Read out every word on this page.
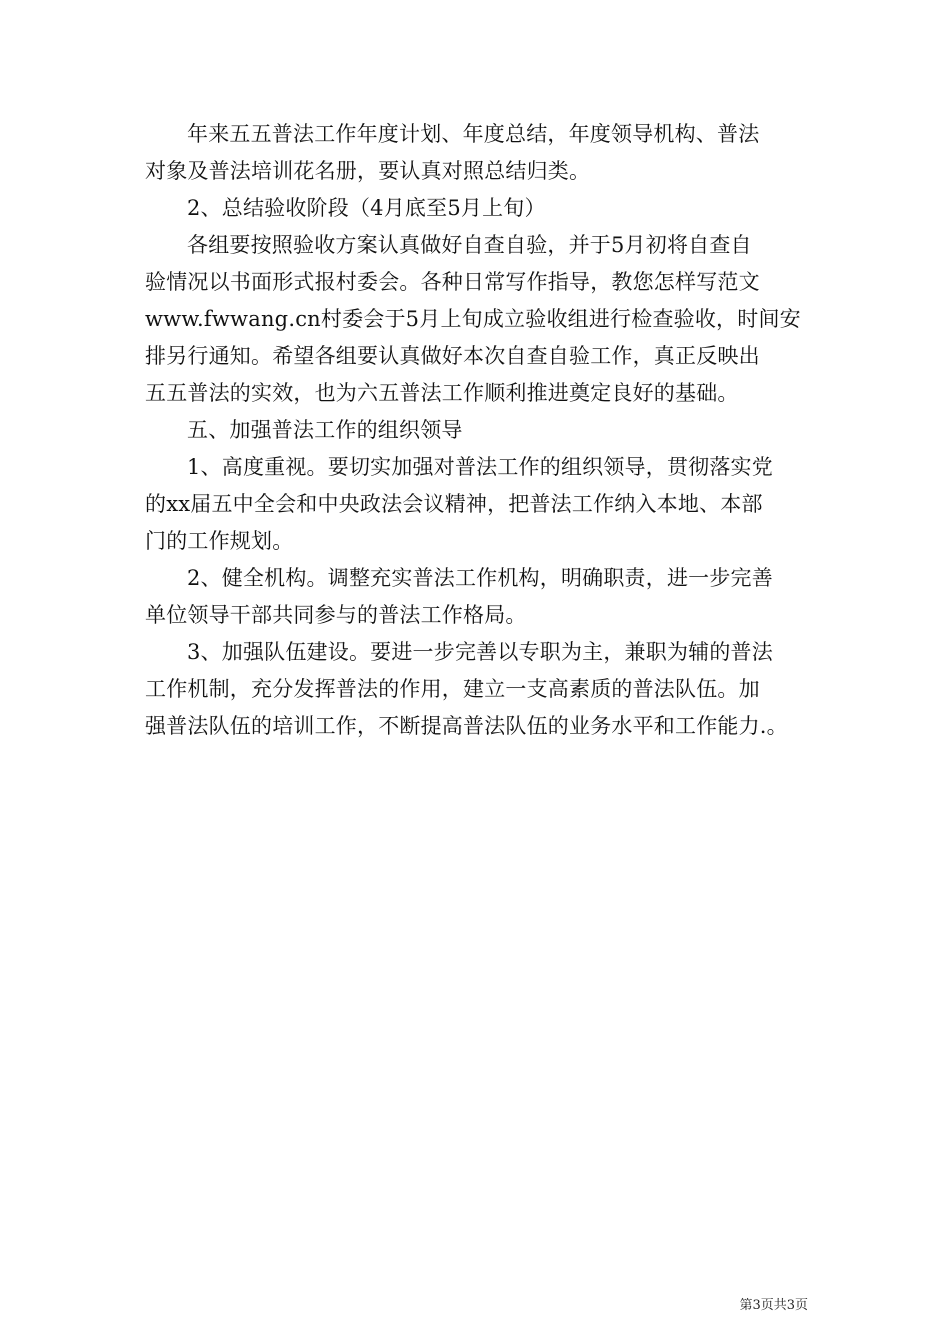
年来五五普法工作年度计划、年度总结，年度领导机构、普法
对象及普法培训花名册，要认真对照总结归类。
2、总结验收阶段（4月底至5月上旬）
各组要按照验收方案认真做好自查自验，并于5月初将自查自
验情况以书面形式报村委会。各种日常写作指导，教您怎样写范文
www.fwwang.cn村委会于5月上旬成立验收组进行检查验收，时间安
排另行通知。希望各组要认真做好本次自查自验工作，真正反映出
五五普法的实效，也为六五普法工作顺利推进奠定良好的基础。
五、加强普法工作的组织领导
1、高度重视。要切实加强对普法工作的组织领导，贯彻落实党
的xx届五中全会和中央政法会议精神，把普法工作纳入本地、本部
门的工作规划。
2、健全机构。调整充实普法工作机构，明确职责，进一步完善
单位领导干部共同参与的普法工作格局。
3、加强队伍建设。要进一步完善以专职为主，兼职为辅的普法
工作机制，充分发挥普法的作用，建立一支高素质的普法队伍。加
强普法队伍的培训工作，不断提高普法队伍的业务水平和工作能力.。
第3页共3页
